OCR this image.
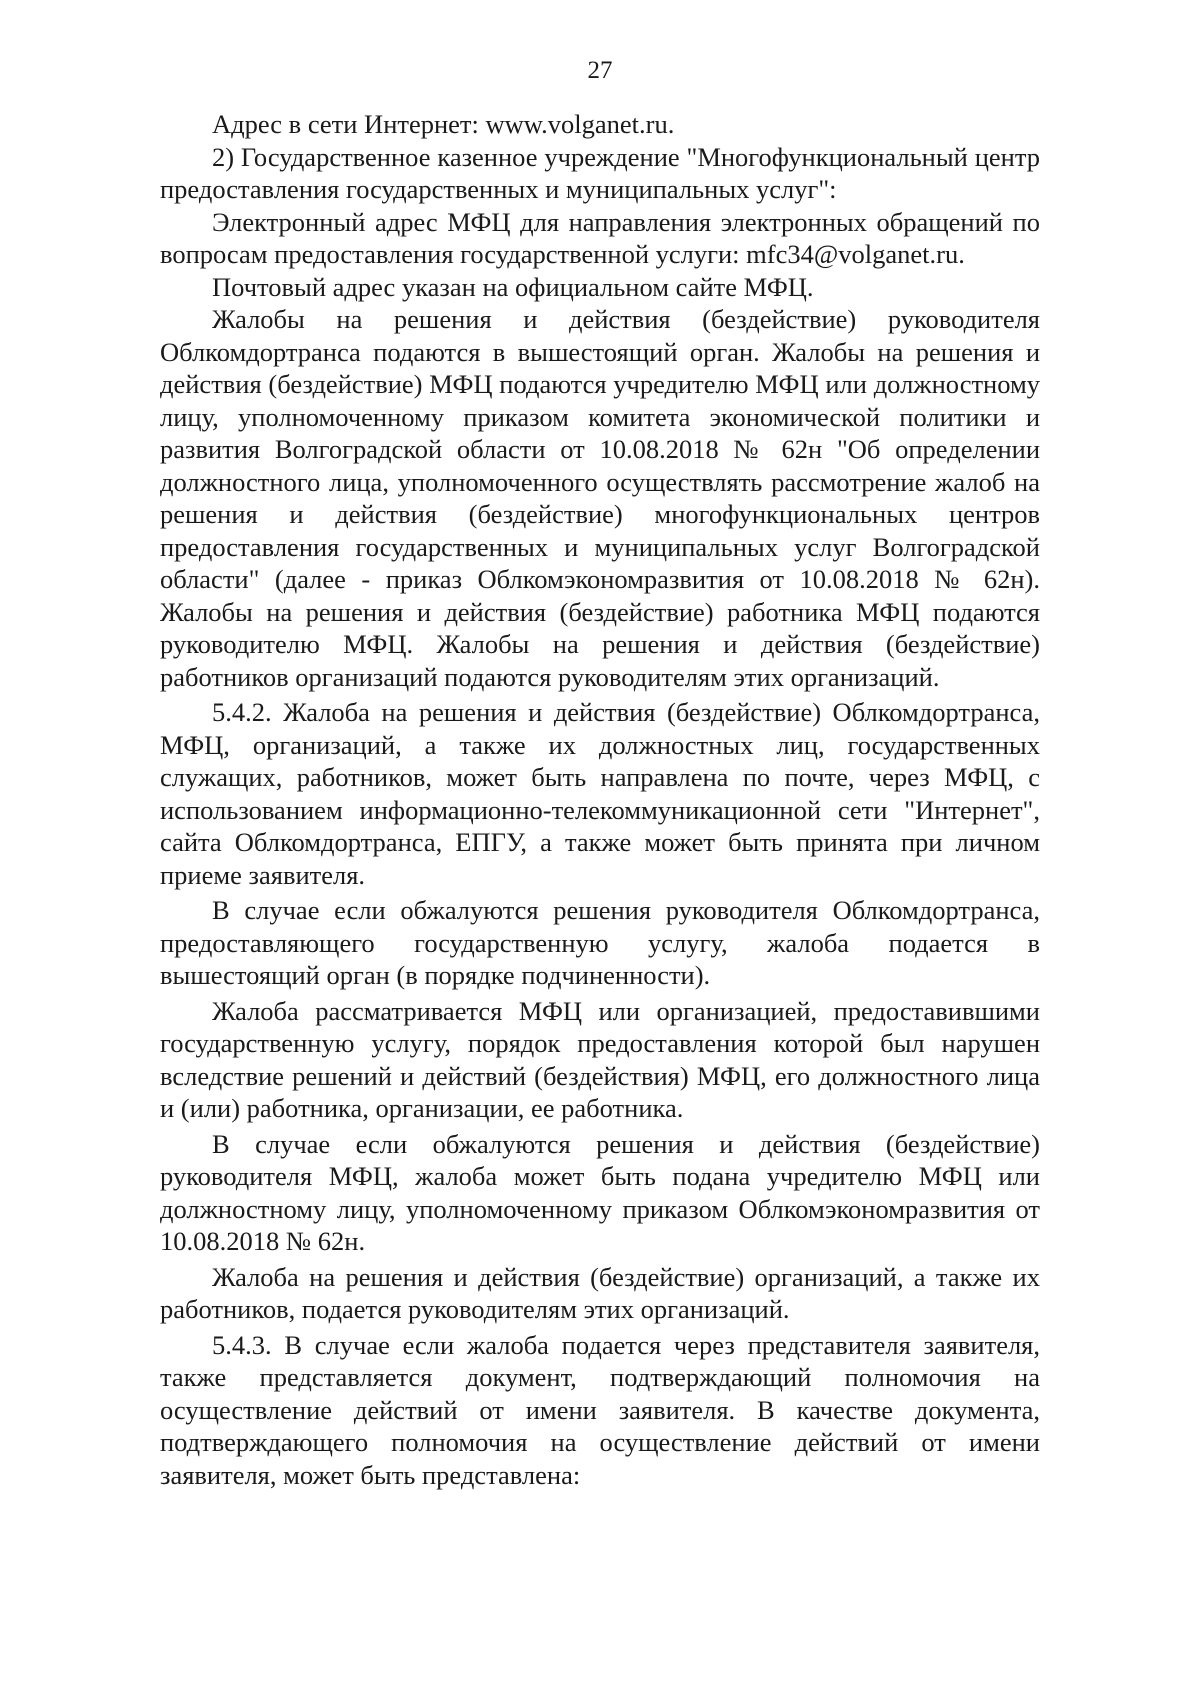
27

Адрес в сети Интернет: www.volganet.ru.

2) Государственное казенное учреждение "Многофункциональный центр предоставления государственных и муниципальных услуг":

Электронный адрес МФЦ для направления электронных обращений по вопросам предоставления государственной услуги: mfc34@volganet.ru.

Почтовый адрес указан на официальном сайте МФЦ.

Жалобы на решения и действия (бездействие) руководителя Облкомдортранса подаются в вышестоящий орган. Жалобы на решения и действия (бездействие) МФЦ подаются учредителю МФЦ или должностному лицу, уполномоченному приказом комитета экономической политики и развития Волгоградской области от 10.08.2018 № 62н "Об определении должностного лица, уполномоченного осуществлять рассмотрение жалоб на решения и действия (бездействие) многофункциональных центров предоставления государственных и муниципальных услуг Волгоградской области" (далее - приказ Облкомэкономразвития от 10.08.2018 № 62н). Жалобы на решения и действия (бездействие) работника МФЦ подаются руководителю МФЦ. Жалобы на решения и действия (бездействие) работников организаций подаются руководителям этих организаций.

5.4.2. Жалоба на решения и действия (бездействие) Облкомдортранса, МФЦ, организаций, а также их должностных лиц, государственных служащих, работников, может быть направлена по почте, через МФЦ, с использованием информационно-телекоммуникационной сети "Интернет", сайта Облкомдортранса, ЕПГУ, а также может быть принята при личном приеме заявителя.

В случае если обжалуются решения руководителя Облкомдортранса, предоставляющего государственную услугу, жалоба подается в вышестоящий орган (в порядке подчиненности).

Жалоба рассматривается МФЦ или организацией, предоставившими государственную услугу, порядок предоставления которой был нарушен вследствие решений и действий (бездействия) МФЦ, его должностного лица и (или) работника, организации, ее работника.

В случае если обжалуются решения и действия (бездействие) руководителя МФЦ, жалоба может быть подана учредителю МФЦ или должностному лицу, уполномоченному приказом Облкомэкономразвития от 10.08.2018 № 62н.

Жалоба на решения и действия (бездействие) организаций, а также их работников, подается руководителям этих организаций.

5.4.3. В случае если жалоба подается через представителя заявителя, также представляется документ, подтверждающий полномочия на осуществление действий от имени заявителя. В качестве документа, подтверждающего полномочия на осуществление действий от имени заявителя, может быть представлена:
